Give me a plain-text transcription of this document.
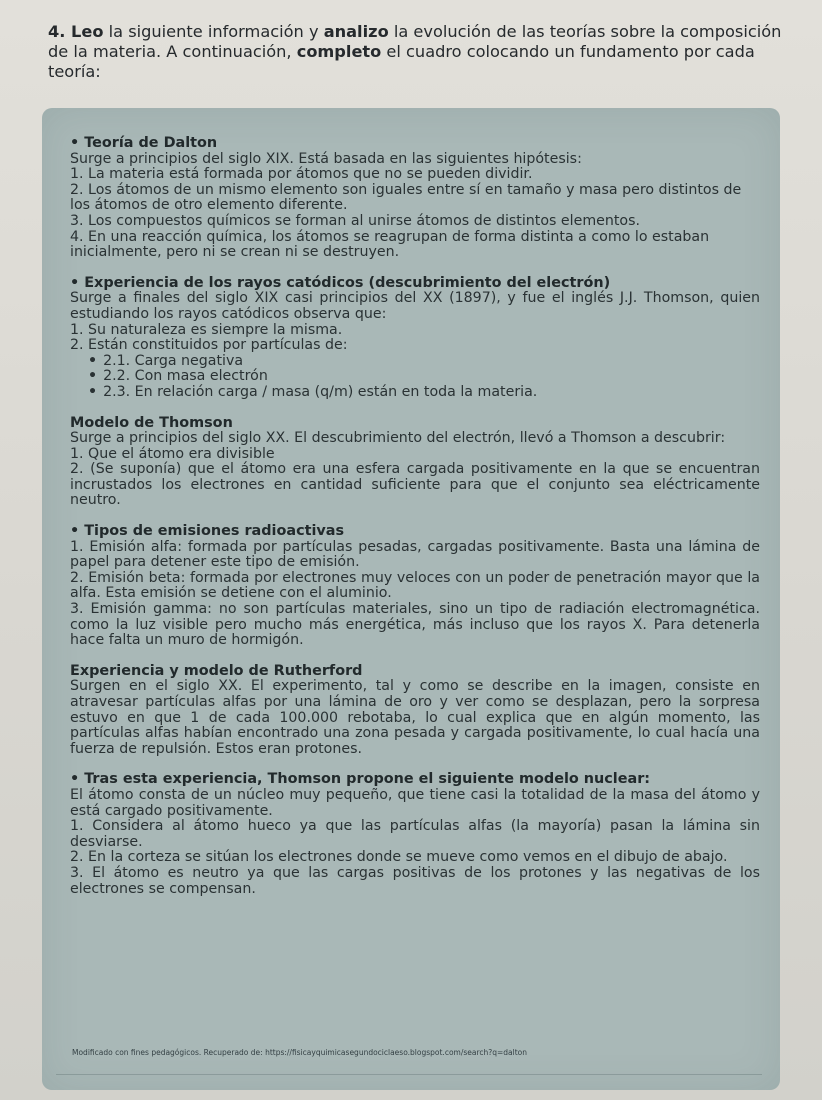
4. Leo la siguiente información y analizo la evolución de las teorías sobre la composición de la materia. A continuación, completo el cuadro colocando un fundamento por cada teoría:
• Teoría de Dalton

Surge a principios del siglo XIX. Está basada en las siguientes hipótesis:

1. La materia está formada por átomos que no se pueden dividir.

2. Los átomos de un mismo elemento son iguales entre sí en tamaño y masa pero distintos de los átomos de otro elemento diferente.

3. Los compuestos químicos se forman al unirse átomos de distintos elementos.

4. En una reacción química, los átomos se reagrupan de forma distinta a como lo estaban inicialmente, pero ni se crean ni se destruyen.

• Experiencia de los rayos catódicos (descubrimiento del electrón)

Surge a finales del siglo XIX casi principios del XX (1897), y fue el inglés J.J. Thomson, quien estudiando los rayos catódicos observa que:

1. Su naturaleza es siempre la misma.

2. Están constituidos por partículas de:

• 2.1. Carga negativa
• 2.2. Con masa electrón
• 2.3. En relación carga / masa (q/m) están en toda la materia.
Modelo de Thomson

Surge a principios del siglo XX. El descubrimiento del electrón, llevó a Thomson a descubrir:

1. Que el átomo era divisible

2. (Se suponía) que el átomo era una esfera cargada positivamente en la que se encuentran incrustados los electrones en cantidad suficiente para que el conjunto sea eléctricamente neutro.

• Tipos de emisiones radioactivas

1. Emisión alfa: formada por partículas pesadas, cargadas positivamente. Basta una lámina de papel para detener este tipo de emisión.

2. Emisión beta: formada por electrones muy veloces con un poder de penetración mayor que la alfa. Esta emisión se detiene con el aluminio.

3. Emisión gamma: no son partículas materiales, sino un tipo de radiación electromagnética. como la luz visible pero mucho más energética, más incluso que los rayos X. Para detenerla hace falta un muro de hormigón.

Experiencia y modelo de Rutherford

Surgen en el siglo XX. El experimento, tal y como se describe en la imagen, consiste en atravesar partículas alfas por una lámina de oro y ver como se desplazan, pero la sorpresa estuvo en que 1 de cada 100.000 rebotaba, lo cual explica que en algún momento, las partículas alfas habían encontrado una zona pesada y cargada positivamente, lo cual hacía una fuerza de repulsión. Estos eran protones.

• Tras esta experiencia, Thomson propone el siguiente modelo nuclear:

El átomo consta de un núcleo muy pequeño, que tiene casi la totalidad de la masa del átomo y está cargado positivamente.

1. Considera al átomo hueco ya que las partículas alfas (la mayoría) pasan la lámina sin desviarse.

2. En la corteza se sitúan los electrones donde se mueve como vemos en el dibujo de abajo.

3. El átomo es neutro ya que las cargas positivas de los protones y las negativas de los electrones se compensan.

Modificado con fines pedagógicos. Recuperado de: https://fisicayquimicasegundociclaeso.blogspot.com/search?q=dalton
